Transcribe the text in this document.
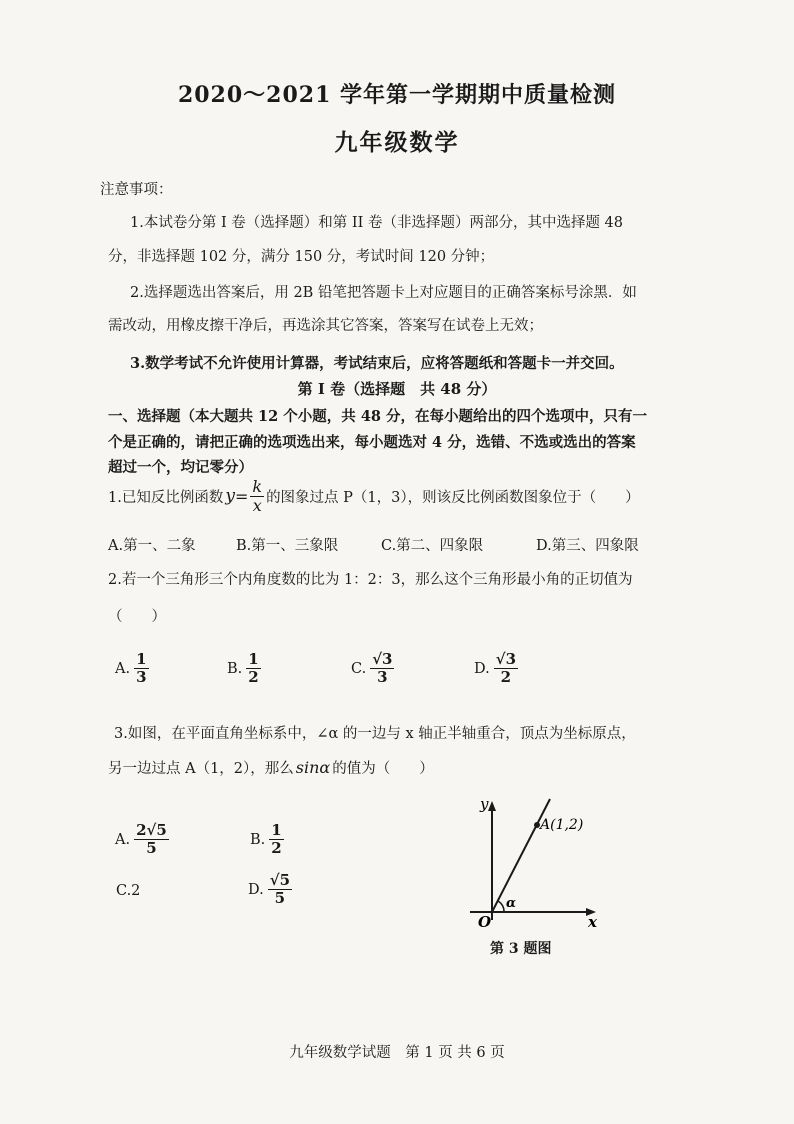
2020～2021 学年第一学期期中质量检测
九年级数学
注意事项：
1.本试卷分第 I 卷（选择题）和第 II 卷（非选择题）两部分，其中选择题 48
分，非选择题 102 分，满分 150 分，考试时间 120 分钟；
2.选择题选出答案后，用 2B 铅笔把答题卡上对应题目的正确答案标号涂黑．如
需改动，用橡皮擦干净后，再选涂其它答案，答案写在试卷上无效；
3.数学考试不允许使用计算器，考试结束后，应将答题纸和答题卡一并交回。
第 I 卷（选择题　共 48 分）
一、选择题（本大题共 12 个小题，共 48 分，在每小题给出的四个选项中，只有一
个是正确的，请把正确的选项选出来，每小题选对 4 分，选错、不选或选出的答案
超过一个，均记零分）
1.已知反比例函数 $y = \frac{k}{x}$ 的图象过点 P（1，3），则该反比例函数图象位于（　　）
A.第一、二象	B.第一、三象限	C.第二、四象限	D.第三、四象限
2.若一个三角形三个内角度数的比为 1：2：3，那么这个三角形最小角的正切值为
（　　）
A. $\frac{1}{3}$	B. $\frac{1}{2}$	C. $\frac{√3}{3}$	D. $\frac{√3}{2}$
3.如图，在平面直角坐标系中，∠α 的一边与 x 轴正半轴重合，顶点为坐标原点，
另一边过点 A（1，2），那么 sinα 的值为（　　）
A. $\frac{2√5}{5}$	B. $\frac{1}{2}$
C.2	D. $\frac{√5}{5}$
y
x
O
A(1,2)
α
第 3 题图
九年级数学试题　第 1 页 共 6 页
